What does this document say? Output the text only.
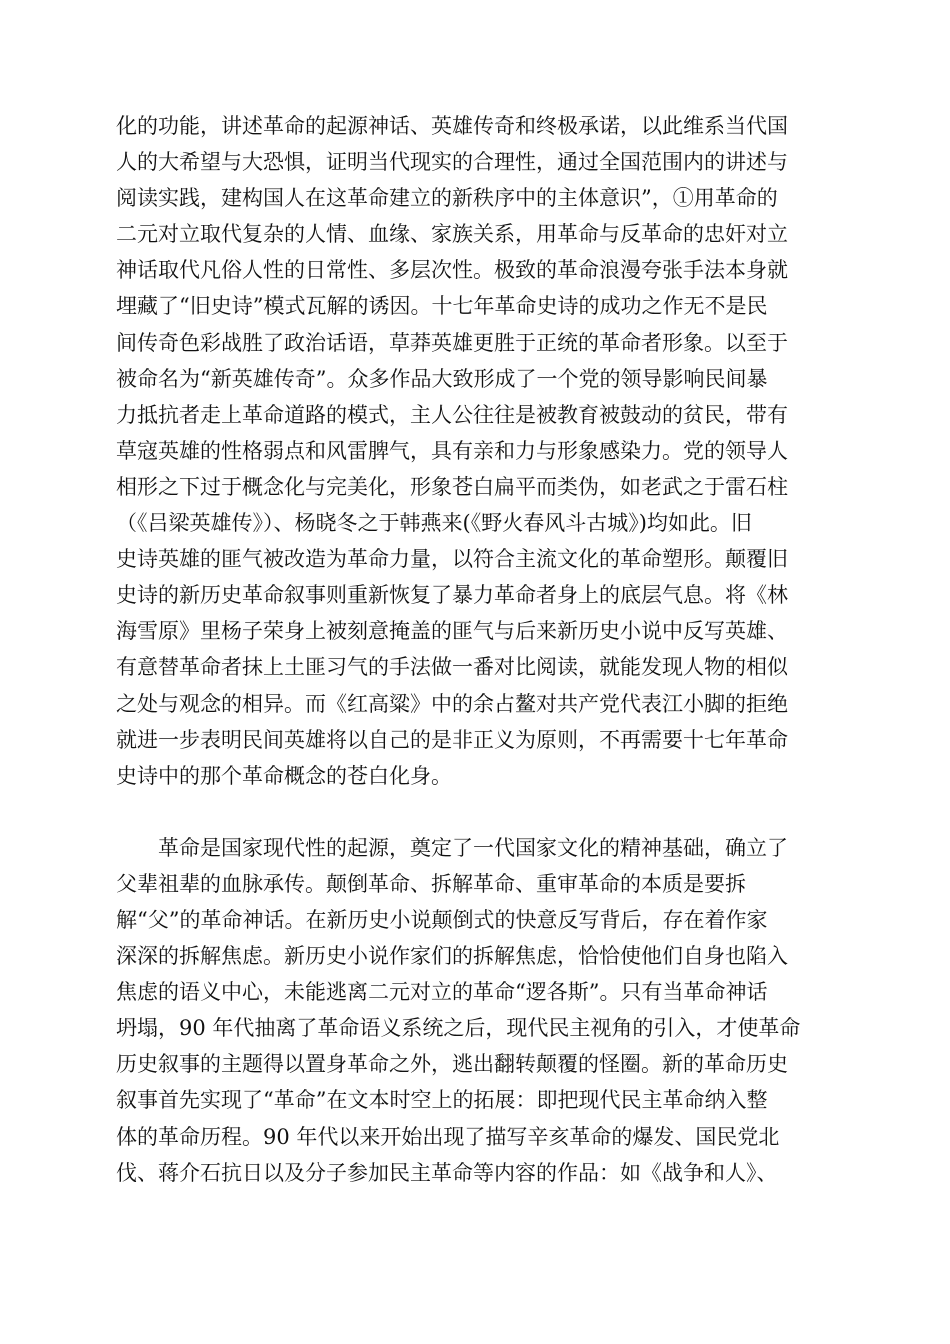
化的功能，讲述革命的起源神话、英雄传奇和终极承诺，以此维系当代国
人的大希望与大恐惧，证明当代现实的合理性，通过全国范围内的讲述与
阅读实践，建构国人在这革命建立的新秩序中的主体意识”，①用革命的
二元对立取代复杂的人情、血缘、家族关系，用革命与反革命的忠奸对立
神话取代凡俗人性的日常性、多层次性。极致的革命浪漫夸张手法本身就
埋藏了“旧史诗”模式瓦解的诱因。十七年革命史诗的成功之作无不是民
间传奇色彩战胜了政治话语，草莽英雄更胜于正统的革命者形象。以至于
被命名为“新英雄传奇”。众多作品大致形成了一个党的领导影响民间暴
力抵抗者走上革命道路的模式，主人公往往是被教育被鼓动的贫民，带有
草寇英雄的性格弱点和风雷脾气，具有亲和力与形象感染力。党的领导人
相形之下过于概念化与完美化，形象苍白扁平而类伪，如老武之于雷石柱
（《吕梁英雄传》）、杨晓冬之于韩燕来(《野火春风斗古城》)均如此。旧
史诗英雄的匪气被改造为革命力量，以符合主流文化的革命塑形。颠覆旧
史诗的新历史革命叙事则重新恢复了暴力革命者身上的底层气息。将《林
海雪原》里杨子荣身上被刻意掩盖的匪气与后来新历史小说中反写英雄、
有意替革命者抹上土匪习气的手法做一番对比阅读，就能发现人物的相似
之处与观念的相异。而《红高粱》中的余占鳌对共产党代表江小脚的拒绝
就进一步表明民间英雄将以自己的是非正义为原则，不再需要十七年革命
史诗中的那个革命概念的苍白化身。
革命是国家现代性的起源，奠定了一代国家文化的精神基础，确立了
父辈祖辈的血脉承传。颠倒革命、拆解革命、重审革命的本质是要拆
解“父”的革命神话。在新历史小说颠倒式的快意反写背后，存在着作家
深深的拆解焦虑。新历史小说作家们的拆解焦虑，恰恰使他们自身也陷入
焦虑的语义中心，未能逃离二元对立的革命“逻各斯”。只有当革命神话
坍塌，90 年代抽离了革命语义系统之后，现代民主视角的引入，才使革命
历史叙事的主题得以置身革命之外，逃出翻转颠覆的怪圈。新的革命历史
叙事首先实现了“革命”在文本时空上的拓展：即把现代民主革命纳入整
体的革命历程。90 年代以来开始出现了描写辛亥革命的爆发、国民党北
伐、蒋介石抗日以及分子参加民主革命等内容的作品：如《战争和人》、
